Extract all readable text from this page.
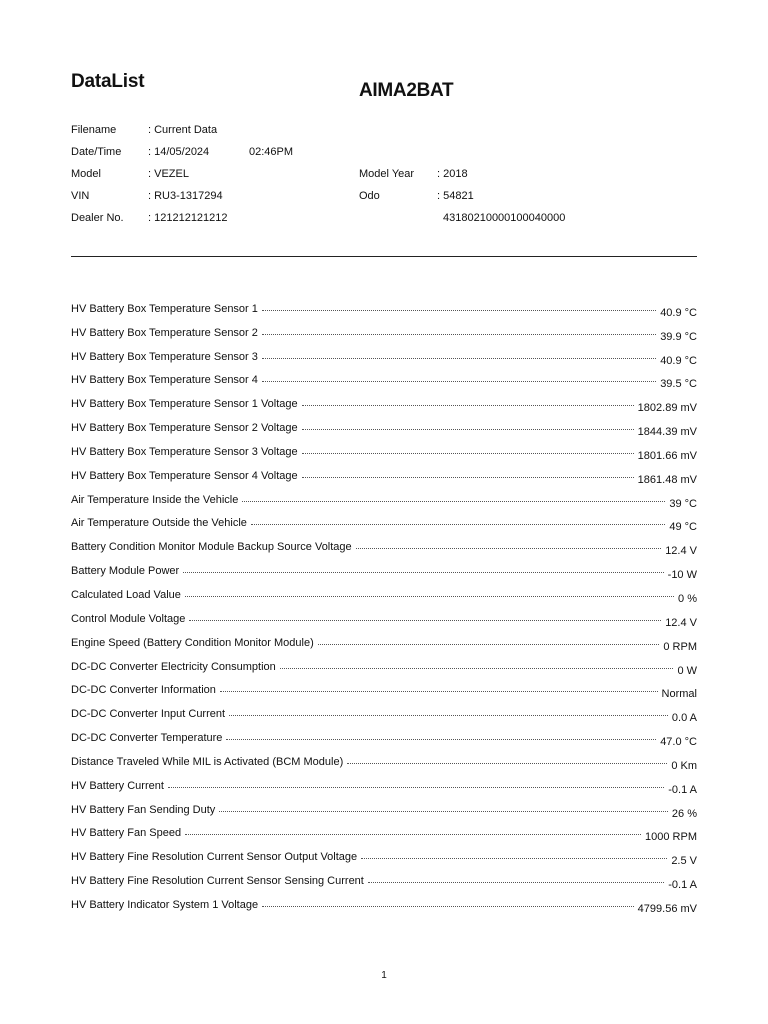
DataList	AIMA2BAT
Filename	: Current Data
Date/Time : 14/05/2024	02:46PM
Model	: VEZEL	Model Year : 2018
VIN	: RU3-1317294	Odo	: 54821
Dealer No. : 121212121212	43180210000100040000
HV Battery Box Temperature Sensor 1	40.9 °C
HV Battery Box Temperature Sensor 2	39.9 °C
HV Battery Box Temperature Sensor 3	40.9 °C
HV Battery Box Temperature Sensor 4	39.5 °C
HV Battery Box Temperature Sensor 1 Voltage	1802.89 mV
HV Battery Box Temperature Sensor 2 Voltage	1844.39 mV
HV Battery Box Temperature Sensor 3 Voltage	1801.66 mV
HV Battery Box Temperature Sensor 4 Voltage	1861.48 mV
Air Temperature Inside the Vehicle	39 °C
Air Temperature Outside the Vehicle	49 °C
Battery Condition Monitor Module Backup Source Voltage	12.4 V
Battery Module Power	-10 W
Calculated Load Value	0 %
Control Module Voltage	12.4 V
Engine Speed (Battery Condition Monitor Module)	0 RPM
DC-DC Converter Electricity Consumption	0 W
DC-DC Converter Information	Normal
DC-DC Converter Input Current	0.0 A
DC-DC Converter Temperature	47.0 °C
Distance Traveled While MIL is Activated (BCM Module)	0 Km
HV Battery Current	-0.1 A
HV Battery Fan Sending Duty	26 %
HV Battery Fan Speed	1000 RPM
HV Battery Fine Resolution Current Sensor Output Voltage	2.5 V
HV Battery Fine Resolution Current Sensor Sensing Current	-0.1 A
HV Battery Indicator System 1 Voltage	4799.56 mV
1
